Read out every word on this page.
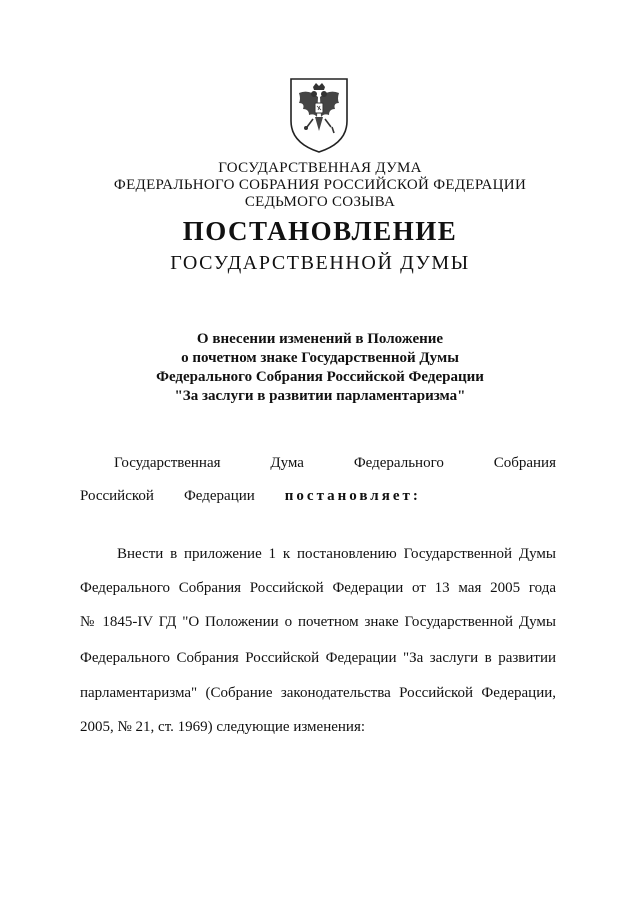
ГОСУДАРСТВЕННАЯ ДУМА
ФЕДЕРАЛЬНОГО СОБРАНИЯ РОССИЙСКОЙ ФЕДЕРАЦИИ
СЕДЬМОГО СОЗЫВА
ПОСТАНОВЛЕНИЕ
ГОСУДАРСТВЕННОЙ ДУМЫ
О внесении изменений в Положение
о почетном знаке Государственной Думы
Федерального Собрания Российской Федерации
"За заслуги в развитии парламентаризма"
Государственная	Дума	Федерального	Собрания
Российской Федерации постановляет:
Внести в приложение 1 к постановлению Государственной Думы
Федерального Собрания Российской Федерации от 13 мая 2005 года
№ 1845-IV ГД "О Положении о почетном знаке Государственной Думы
Федерального Собрания Российской Федерации "За заслуги в развитии
парламентаризма" (Собрание законодательства Российской Федерации,
2005, № 21, ст. 1969) следующие изменения:
